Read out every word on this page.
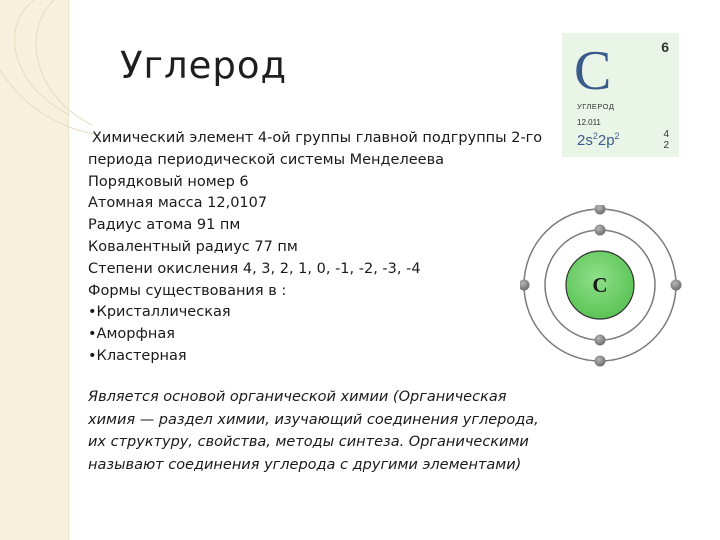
Углерод
Химический элемент 4-ой группы главной подгруппы 2-го
периода периодической системы Менделеева
Порядковый номер 6
Атомная масса 12,0107
Радиус атома 91 пм
Ковалентный радиус 77 пм
Степени окисления 4, 3, 2, 1, 0, -1, -2, -3, -4
Формы существования в :
•Кристаллическая
•Аморфная
•Кластерная
Является основой органической химии (Органическая
химия — раздел химии, изучающий соединения углерода,
их структуру, свойства, методы синтеза. Органическими
называют соединения углерода с другими элементами)
C	6
УГЛЕРОД
12.011
$2s^22p^2$	4
2
C
